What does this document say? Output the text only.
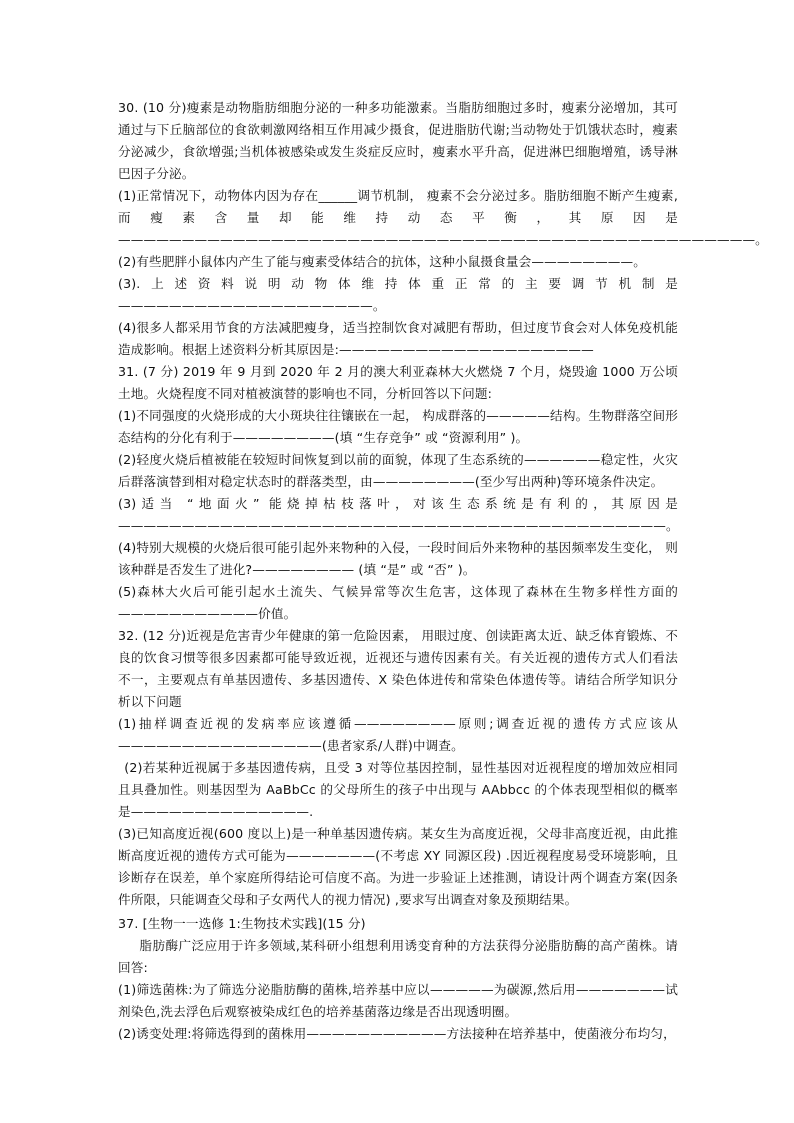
30. (10 分)瘦素是动物脂肪细胞分泌的一种多功能激素。当脂肪细胞过多时，瘦素分泌增加，其可通过与下丘脑部位的食欲刺激网络相互作用减少摄食，促进脂肪代谢;当动物处于饥饿状态时，瘦素分泌减少，食欲增强;当机体被感染或发生炎症反应时，瘦素水平升高，促进淋巴细胞增殖，诱导淋巴因子分泌。

(1)正常情况下，动物体内因为存在______调节机制， 瘦素不会分泌过多。脂肪细胞不断产生瘦素,而瘦素含量却能维持动态平衡，其原因是——————————————————————————————————————————————————。

(2)有些肥胖小鼠体内产生了能与瘦素受体结合的抗体，这种小鼠摄食量会————————。

(3).上述资料说明动物体维持体重正常的主要调节机制是————————————————————。

(4)很多人都采用节食的方法减肥瘦身，适当控制饮食对减肥有帮助，但过度节食会对人体免疫机能造成影响。根据上述资料分析其原因是:————————————————————

31. (7 分) 2019 年 9 月到 2020 年 2 月的澳大利亚森林大火燃烧 7 个月，烧毁逾 1000 万公顷土地。火烧程度不同对植被演替的影响也不同，分析回答以下问题:

(1)不同强度的火烧形成的大小斑块往往镶嵌在一起， 构成群落的—————结构。生物群落空间形态结构的分化有利于————————(填 “生存竞争” 或 “资源利用” )。

(2)轻度火烧后植被能在较短时间恢复到以前的面貌，体现了生态系统的——————稳定性，火灾后群落演替到相对稳定状态时的群落类型，由————————(至少写出两种)等环境条件决定。

(3)适当 “地面火” 能烧掉枯枝落叶，对该生态系统是有利的，其原因是———————————————————————————————————————————。

(4)特别大规模的火烧后很可能引起外来物种的入侵，一段时间后外来物种的基因频率发生变化， 则该种群是否发生了进化?———————— (填 “是” 或 “否” )。

(5)森林大火后可能引起水土流失、气候异常等次生危害，这体现了森林在生物多样性方面的———————————价值。

32. (12 分)近视是危害青少年健康的第一危险因素， 用眼过度、创读距离太近、缺乏体育锻炼、不良的饮食习惯等很多因素都可能导致近视，近视还与遗传因素有关。有关近视的遗传方式人们看法不一，主要观点有单基因遗传、多基因遗传、X 染色体进传和常染色体遗传等。请结合所学知识分析以下问题

(1)抽样调查近视的发病率应该遵循————————原则;调查近视的遗传方式应该从————————————————(患者家系/人群)中调查。

(2)若某种近视属于多基因遗传病，且受 3 对等位基因控制，显性基因对近视程度的增加效应相同且具叠加性。则基因型为 AaBbCc 的父母所生的孩子中出现与 AAbbcc 的个体表现型相似的概率是——————————————.

(3)已知高度近视(600 度以上)是一种单基因遗传病。某女生为高度近视，父母非高度近视，由此推断高度近视的遗传方式可能为———————(不考虑 XY 同源区段) .因近视程度易受环境影响，且诊断存在误差，单个家庭所得结论可信度不高。为进一步验证上述推测，请设计两个调查方案(因条件所限，只能调查父母和子女两代人的视力情况) ,要求写出调查对象及预期结果。

37. [生物一一选修 1:生物技术实践](15 分)

脂肪酶广泛应用于许多领域,某科研小组想利用诱变育种的方法获得分泌脂肪酶的高产菌株。请回答:

(1)筛选菌株:为了筛选分泌脂肪酶的菌株,培养基中应以—————为碳源,然后用———————试剂染色,洗去浮色后观察被染成红色的培养基菌落边缘是否出现透明圈。

(2)诱变处理:将筛选得到的菌株用———————————方法接种在培养基中，使菌液分布均匀，
